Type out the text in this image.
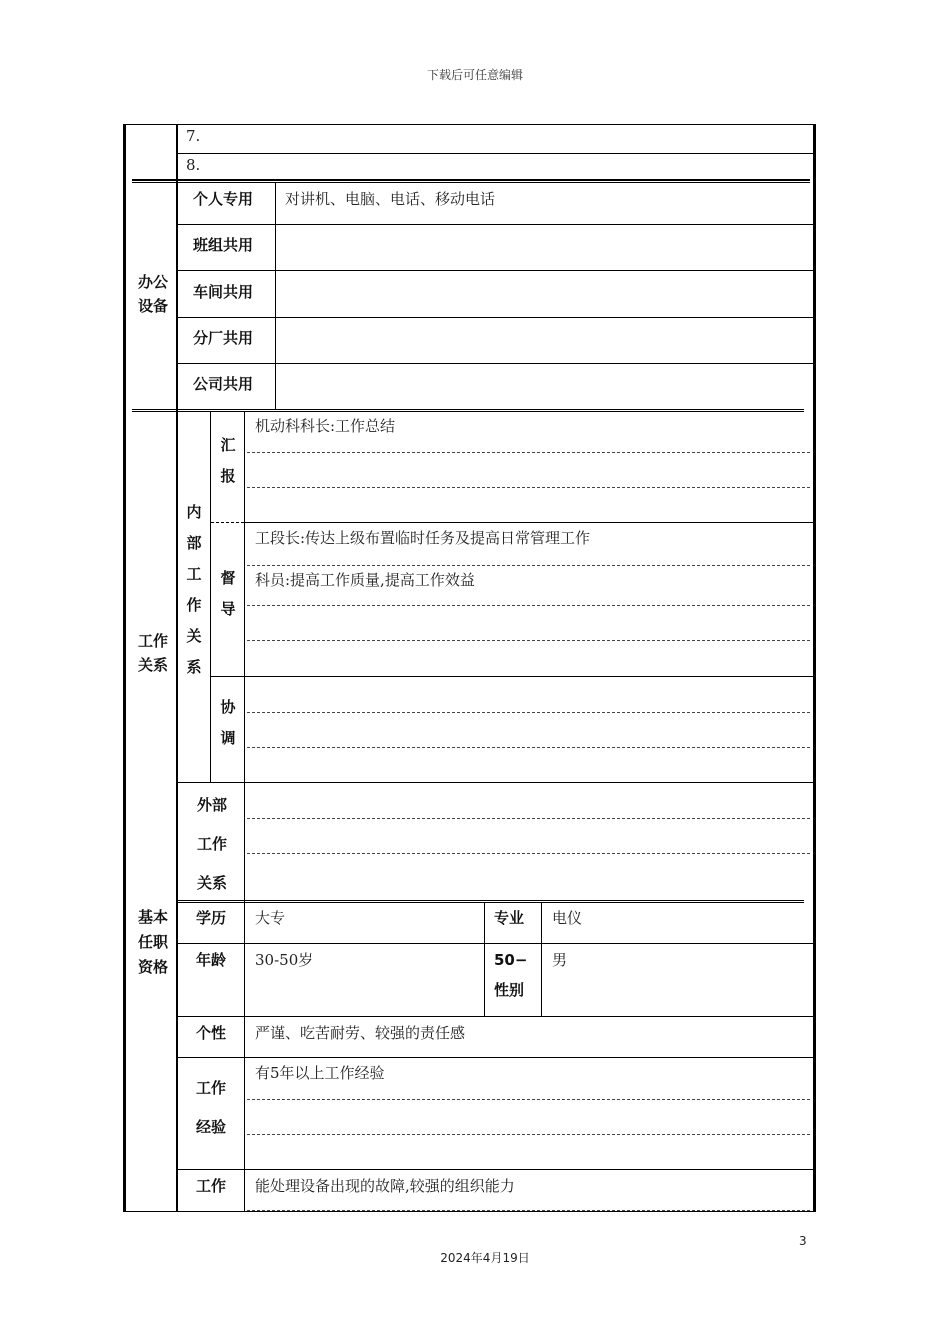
下载后可任意编辑
3
2024年4月19日
7.
8.
办公
设备
个人专用 对讲机、电脑、电话、移动电话
班组共用
车间共用
分厂共用
公司共用
工作
关系
内部工作关系
汇报
机动科科长:工作总结
督导
工段长:传达上级布置临时任务及提高日常管理工作
科员:提高工作质量,提高工作效益
协调
外部
工作
关系
基本
任职
资格
学历 大专	专业 电仪
年龄 30-50岁	50−
性别
男
个性 严谨、吃苦耐劳、较强的责任感
工作
经验
有5年以上工作经验
工作 能处理设备出现的故障,较强的组织能力
